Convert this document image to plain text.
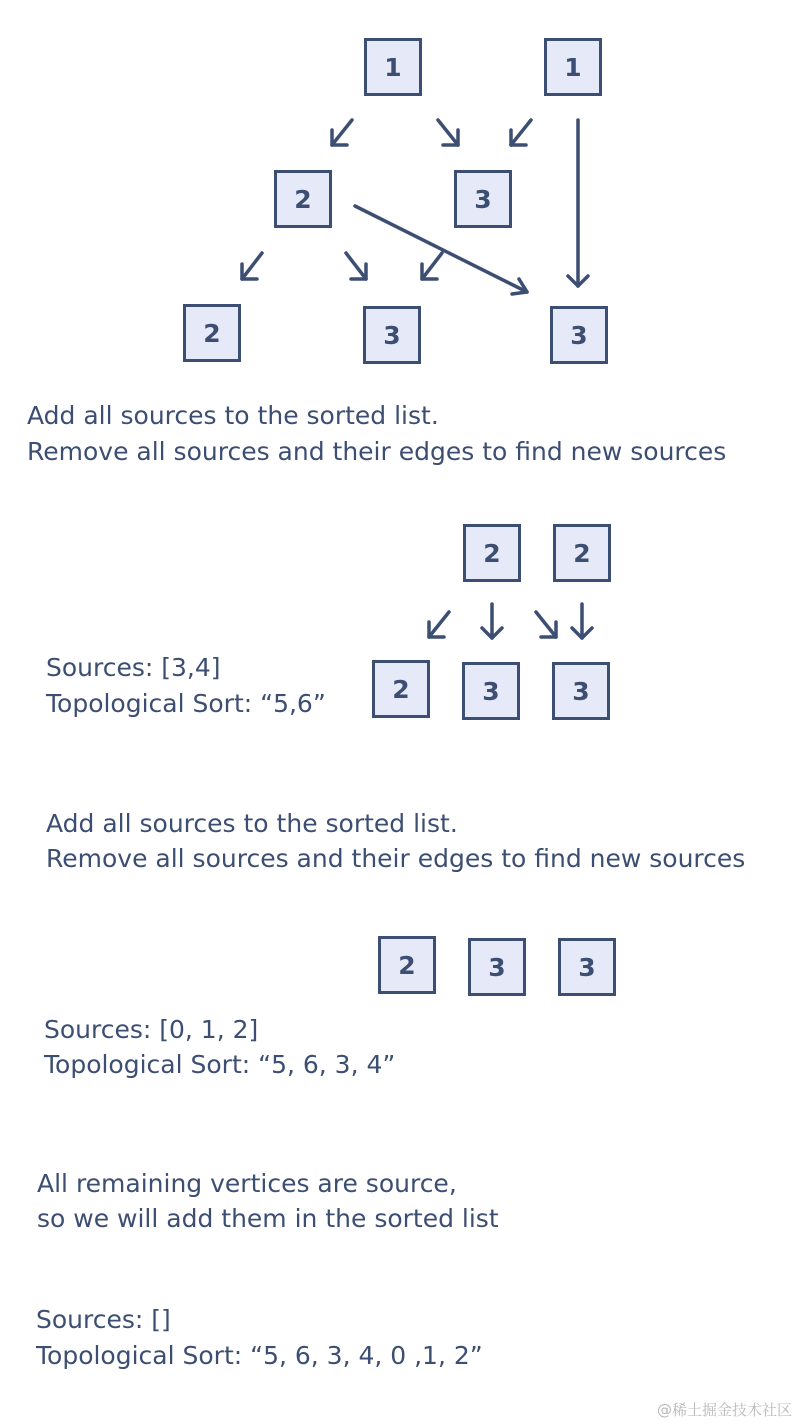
1	1
2	3
2	3	3

Add all sources to the sorted list.

Remove all sources and their edges to find new sources

2	2
2	3	3

Sources: [3,4]

Topological Sort: “5,6”

Add all sources to the sorted list.

Remove all sources and their edges to find new sources

2	3	3

Sources: [0, 1, 2]

Topological Sort: “5, 6, 3, 4”

All remaining vertices are source,

so we will add them in the sorted list

Sources: []

Topological Sort: “5, 6, 3, 4, 0 ,1, 2”

@稀土掘金技术社区
